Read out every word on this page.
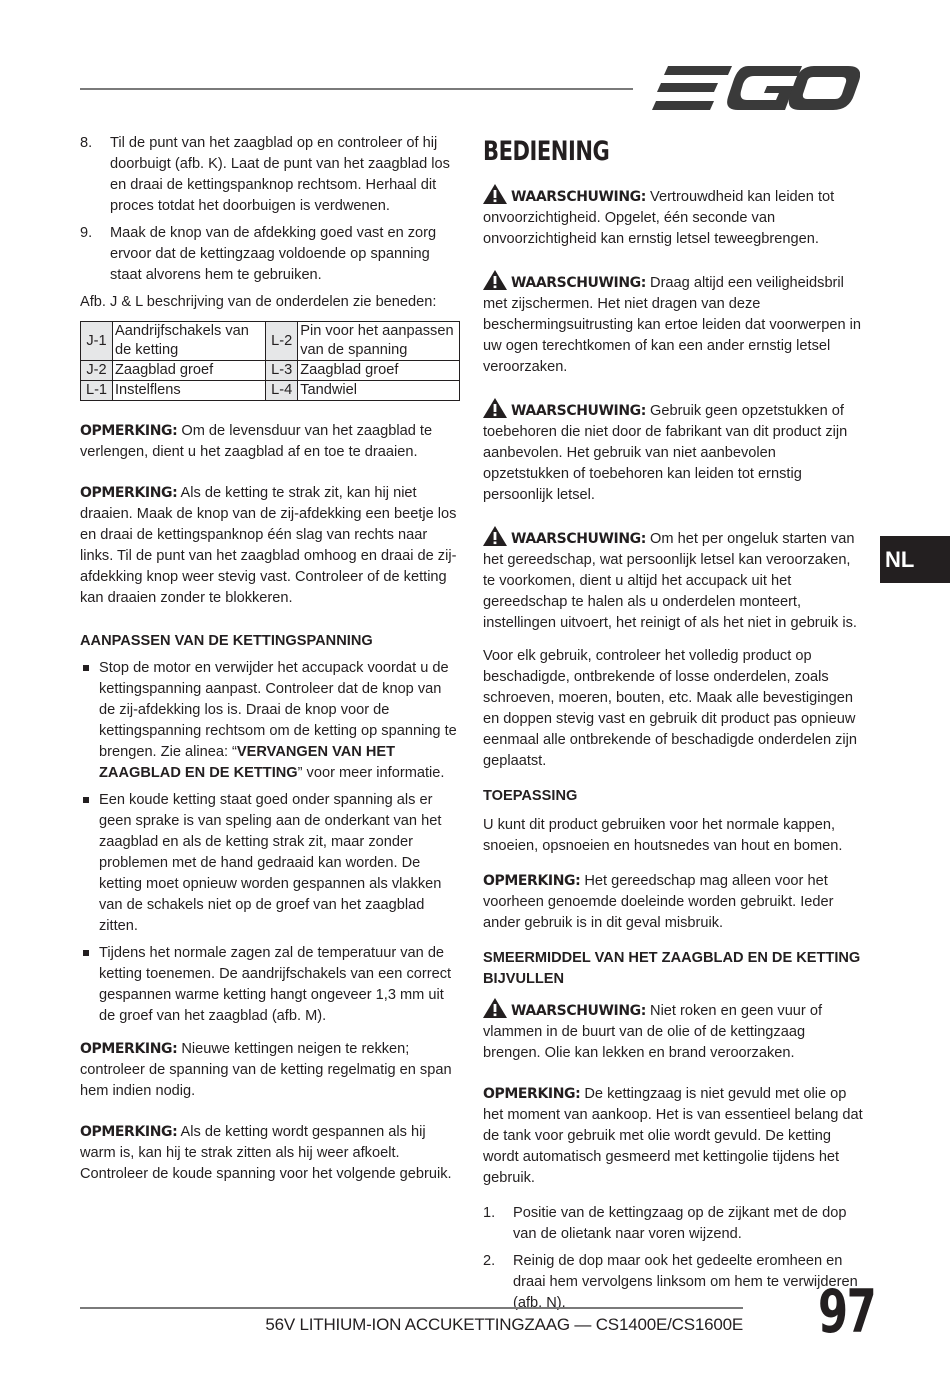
8. Til de punt van het zaagblad op en controleer of hij doorbuigt (afb. K). Laat de punt van het zaagblad los en draai de kettingspanknop rechtsom. Herhaal dit proces totdat het doorbuigen is verdwenen.
9. Maak de knop van de afdekking goed vast en zorg ervoor dat de kettingzaag voldoende op spanning staat alvorens hem te gebruiken.

Afb. J & L beschrijving van de onderdelen zie beneden:

J-1	Aandrijfschakels van de ketting	L-2	Pin voor het aanpassen van de spanning
J-2	Zaagblad groef	L-3	Zaagblad groef
L-1	Instelflens	L-4	Tandwiel

OPMERKING: Om de levensduur van het zaagblad te verlengen, dient u het zaagblad af en toe te draaien.

OPMERKING: Als de ketting te strak zit, kan hij niet draaien. Maak de knop van de zij-afdekking een beetje los en draai de kettingspanknop één slag van rechts naar links. Til de punt van het zaagblad omhoog en draai de zij-afdekking knop weer stevig vast. Controleer of de ketting kan draaien zonder te blokkeren.

AANPASSEN VAN DE KETTINGSPANNING
Stop de motor en verwijder het accupack voordat u de kettingspanning aanpast. Controleer dat de knop van de zij-afdekking los is. Draai de knop voor de kettingspanning rechtsom om de ketting op spanning te brengen. Zie alinea: “VERVANGEN VAN HET ZAAGBLAD EN DE KETTING” voor meer informatie.
Een koude ketting staat goed onder spanning als er geen sprake is van speling aan de onderkant van het zaagblad en als de ketting strak zit, maar zonder problemen met de hand gedraaid kan worden. De ketting moet opnieuw worden gespannen als vlakken van de schakels niet op de groef van het zaagblad zitten.
Tijdens het normale zagen zal de temperatuur van de ketting toenemen. De aandrijfschakels van een correct gespannen warme ketting hangt ongeveer 1,3 mm uit de groef van het zaagblad (afb. M).

OPMERKING: Nieuwe kettingen neigen te rekken; controleer de spanning van de ketting regelmatig en span hem indien nodig.

OPMERKING: Als de ketting wordt gespannen als hij warm is, kan hij te strak zitten als hij weer afkoelt. Controleer de koude spanning voor het volgende gebruik.

BEDIENING

WAARSCHUWING: Vertrouwdheid kan leiden tot onvoorzichtigheid. Opgelet, één seconde van onvoorzichtigheid kan ernstig letsel teweegbrengen.

WAARSCHUWING: Draag altijd een veiligheidsbril met zijschermen. Het niet dragen van deze beschermingsuitrusting kan ertoe leiden dat voorwerpen in uw ogen terechtkomen of kan een ander ernstig letsel veroorzaken.

WAARSCHUWING: Gebruik geen opzetstukken of toebehoren die niet door de fabrikant van dit product zijn aanbevolen. Het gebruik van niet aanbevolen opzetstukken of toebehoren kan leiden tot ernstig persoonlijk letsel.

WAARSCHUWING: Om het per ongeluk starten van het gereedschap, wat persoonlijk letsel kan veroorzaken, te voorkomen, dient u altijd het accupack uit het gereedschap te halen als u onderdelen monteert, instellingen uitvoert, het reinigt of als het niet in gebruik is.

Voor elk gebruik, controleer het volledig product op beschadigde, ontbrekende of losse onderdelen, zoals schroeven, moeren, bouten, etc. Maak alle bevestigingen en doppen stevig vast en gebruik dit product pas opnieuw eenmaal alle ontbrekende of beschadigde onderdelen zijn geplaatst.

TOEPASSING

U kunt dit product gebruiken voor het normale kappen, snoeien, opsnoeien en houtsnedes van hout en bomen.

OPMERKING: Het gereedschap mag alleen voor het voorheen genoemde doeleinde worden gebruikt. Ieder ander gebruik is in dit geval misbruik.

SMEERMIDDEL VAN HET ZAAGBLAD EN DE KETTING BIJVULLEN

WAARSCHUWING: Niet roken en geen vuur of vlammen in de buurt van de olie of de kettingzaag brengen. Olie kan lekken en brand veroorzaken.

OPMERKING: De kettingzaag is niet gevuld met olie op het moment van aankoop. Het is van essentieel belang dat de tank voor gebruik met olie wordt gevuld. De ketting wordt automatisch gesmeerd met kettingolie tijdens het gebruik.

1. Positie van de kettingzaag op de zijkant met de dop van de olietank naar voren wijzend.
2. Reinig de dop maar ook het gedeelte eromheen en draai hem vervolgens linksom om hem te verwijderen (afb. N).
NL
56V LITHIUM-ION ACCUKETTINGZAAG — CS1400E/CS1600E 97
